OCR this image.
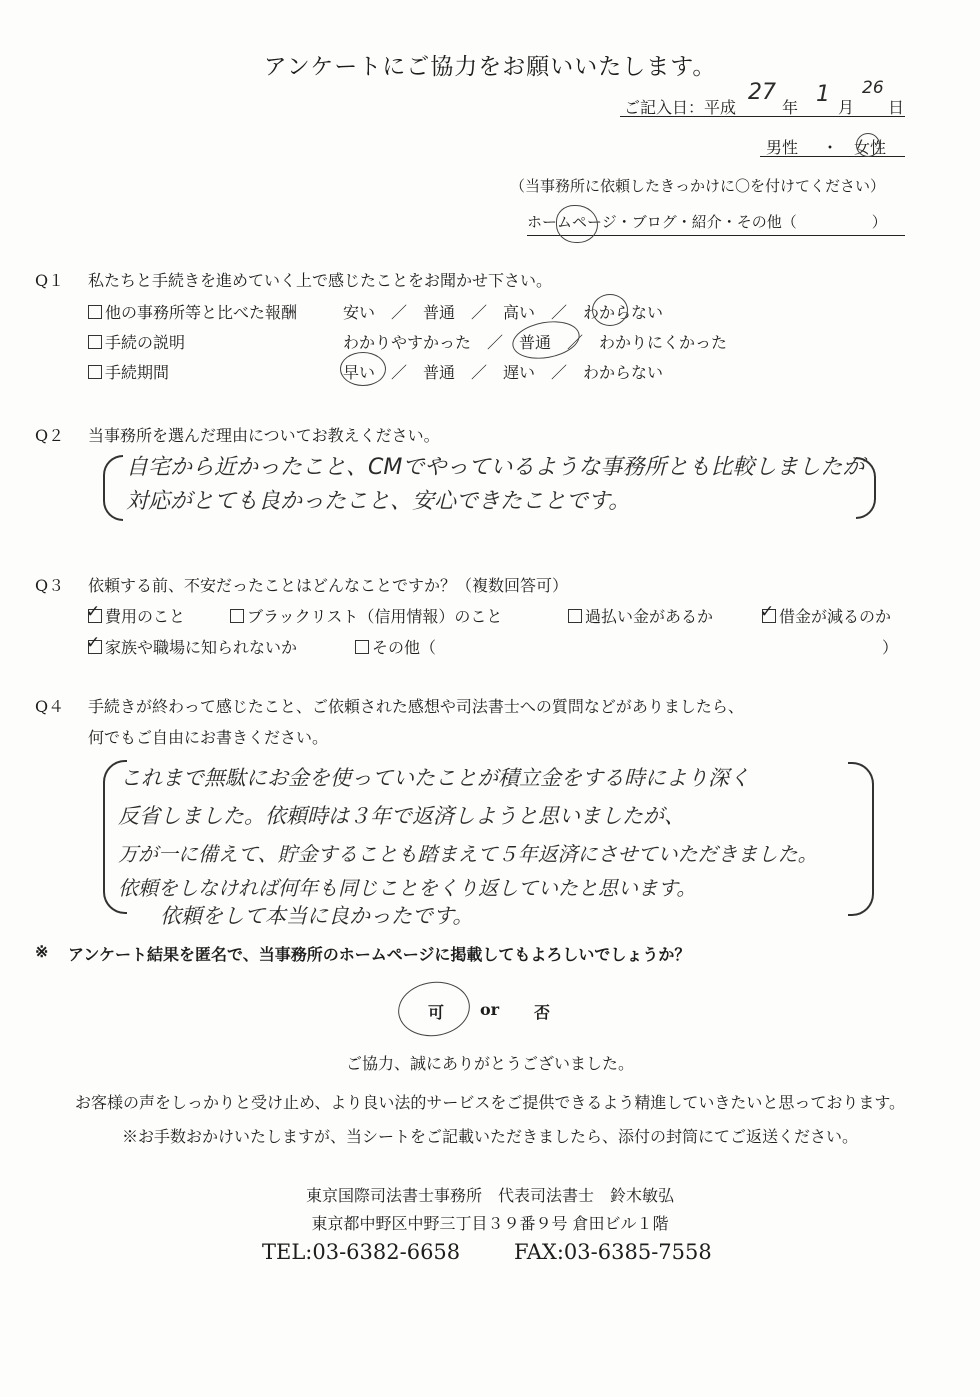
アンケートにご協力をお願いいたします。
ご記入日：平成
27
年
1
月
26
日
男性 ・ 女性
（当事務所に依頼したきっかけに〇を付けてください）
ホームページ・ブログ・紹介・その他（　　　　　）
Q１ 私たちと手続きを進めていく上で感じたことをお聞かせ下さい。
他の事務所等と比べた報酬	安い　／　普通　／　高い　／　わからない
手続の説明	わかりやすかった　／　普通　／　わかりにくかった
手続期間	早い　／　普通　／　遅い　／　わからない
Q２ 当事務所を選んだ理由についてお教えください。
自宅から近かったこと、CMでやっているような事務所とも比較しましたが
対応がとても良かったこと、安心できたことです。
Q３ 依頼する前、不安だったことはどんなことですか？（複数回答可）
✓費用のこと	ブラックリスト（信用情報）のこと	過払い金があるか
✓	借金が減るのか
✓家族や職場に知られないか	その他（	）
Q４ 手続きが終わって感じたこと、ご依頼された感想や司法書士への質問などがありましたら、
何でもご自由にお書きください。
これまで無駄にお金を使っていたことが積立金をする時により深く
反省しました。依頼時は３年で返済しようと思いましたが、
万が一に備えて、貯金することも踏まえて５年返済にさせていただきました。
依頼をしなければ何年も同じことをくり返していたと思います。
依頼をして本当に良かったです。
※ アンケート結果を匿名で、当事務所のホームページに掲載してもよろしいでしょうか？
可 or 否
ご協力、誠にありがとうございました。
お客様の声をしっかりと受け止め、より良い法的サービスをご提供できるよう精進していきたいと思っております。
※お手数おかけいたしますが、当シートをご記載いただきましたら、添付の封筒にてご返送ください。
東京国際司法書士事務所　代表司法書士　鈴木敏弘
東京都中野区中野三丁目３９番９号 倉田ビル１階
TEL:03-6382-6658	FAX:03-6385-7558
